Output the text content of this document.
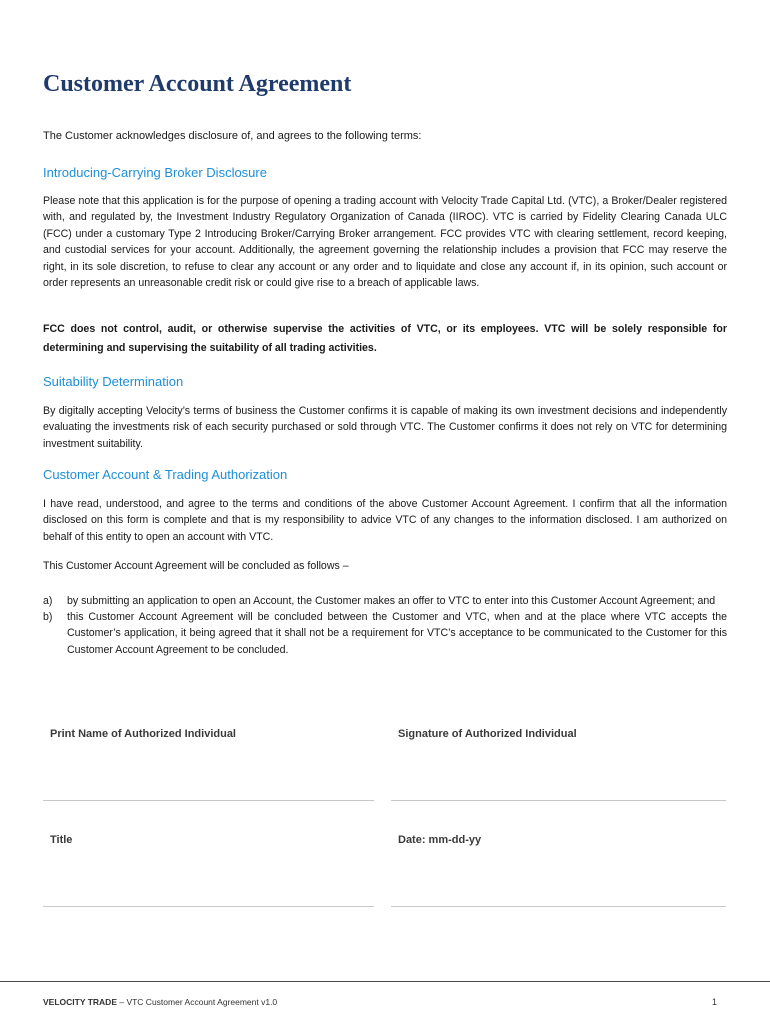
Customer Account Agreement
The Customer acknowledges disclosure of, and agrees to the following terms:
Introducing-Carrying Broker Disclosure
Please note that this application is for the purpose of opening a trading account with Velocity Trade Capital Ltd. (VTC), a Broker/Dealer registered with, and regulated by, the Investment Industry Regulatory Organization of Canada (IIROC). VTC is carried by Fidelity Clearing Canada ULC (FCC) under a customary Type 2 Introducing Broker/Carrying Broker arrangement. FCC provides VTC with clearing settlement, record keeping, and custodial services for your account. Additionally, the agreement governing the relationship includes a provision that FCC may reserve the right, in its sole discretion, to refuse to clear any account or any order and to liquidate and close any account if, in its opinion, such account or order represents an unreasonable credit risk or could give rise to a breach of applicable laws.
FCC does not control, audit, or otherwise supervise the activities of VTC, or its employees. VTC will be solely responsible for determining and supervising the suitability of all trading activities.
Suitability Determination
By digitally accepting Velocity’s terms of business the Customer confirms it is capable of making its own investment decisions and independently evaluating the investments risk of each security purchased or sold through VTC. The Customer confirms it does not rely on VTC for determining investment suitability.
Customer Account & Trading Authorization
I have read, understood, and agree to the terms and conditions of the above Customer Account Agreement. I confirm that all the information disclosed on this form is complete and that is my responsibility to advice VTC of any changes to the information disclosed. I am authorized on behalf of this entity to open an account with VTC.
This Customer Account Agreement will be concluded as follows –
a)	by submitting an application to open an Account, the Customer makes an offer to VTC to enter into this Customer Account Agreement; and
b)	this Customer Account Agreement will be concluded between the Customer and VTC, when and at the place where VTC accepts the Customer’s application, it being agreed that it shall not be a requirement for VTC’s acceptance to be communicated to the Customer for this Customer Account Agreement to be concluded.
Print Name of Authorized Individual	Signature of Authorized Individual
Title	Date: mm-dd-yy
VELOCITY TRADE – VTC Customer Account Agreement v1.0	1
